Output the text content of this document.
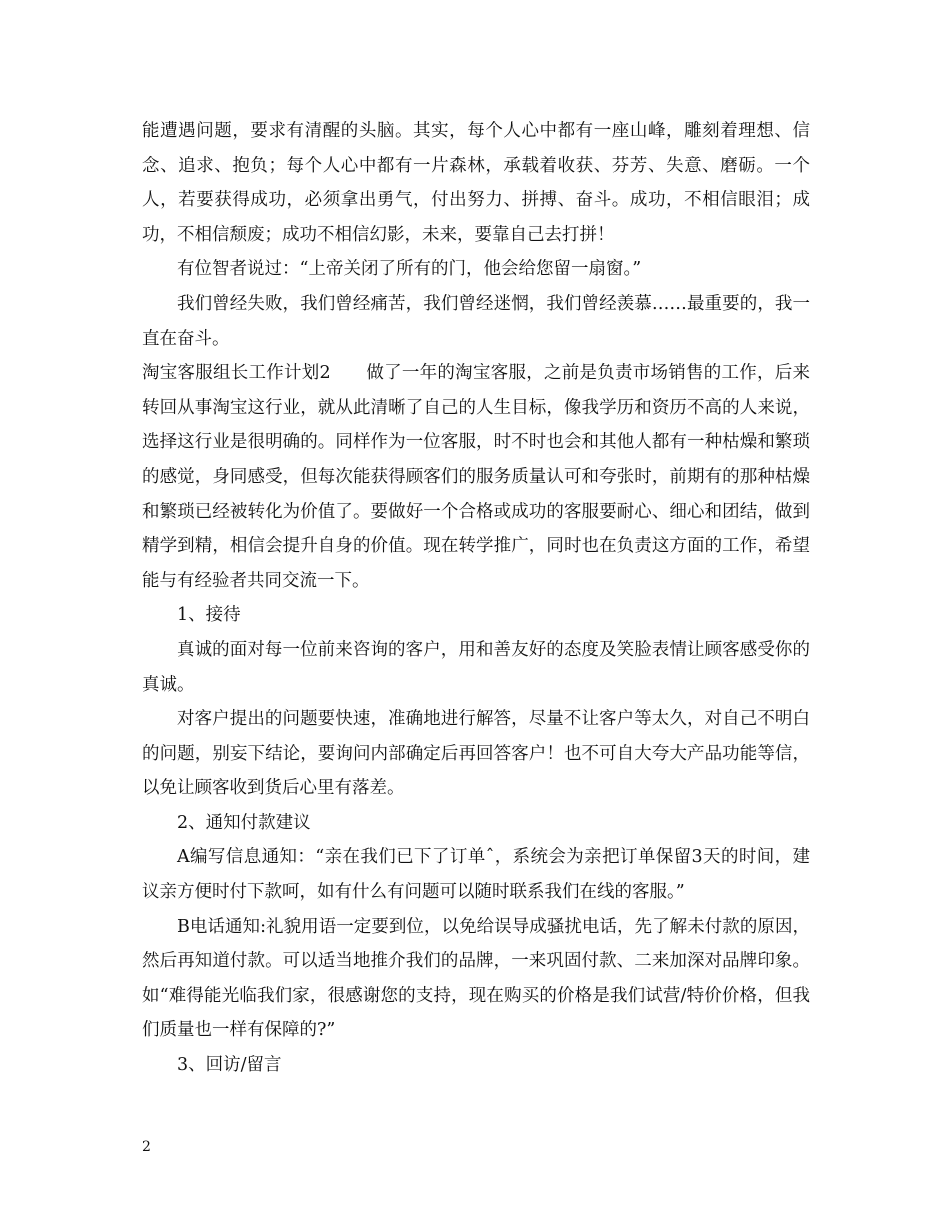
能遭遇问题，要求有清醒的头脑。其实，每个人心中都有一座山峰，雕刻着理想、信念、追求、抱负；每个人心中都有一片森林，承载着收获、芬芳、失意、磨砺。一个人，若要获得成功，必须拿出勇气，付出努力、拼搏、奋斗。成功，不相信眼泪；成功，不相信颓废；成功不相信幻影，未来，要靠自己去打拼！

有位智者说过：“上帝关闭了所有的门，他会给您留一扇窗。”

我们曾经失败，我们曾经痛苦，我们曾经迷惘，我们曾经羡慕……最重要的，我一直在奋斗。

淘宝客服组长工作计划2　　做了一年的淘宝客服，之前是负责市场销售的工作，后来转回从事淘宝这行业，就从此清晰了自己的人生目标，像我学历和资历不高的人来说，选择这行业是很明确的。同样作为一位客服，时不时也会和其他人都有一种枯燥和繁琐的感觉，身同感受，但每次能获得顾客们的服务质量认可和夸张时，前期有的那种枯燥和繁琐已经被转化为价值了。要做好一个合格或成功的客服要耐心、细心和团结，做到精学到精，相信会提升自身的价值。现在转学推广，同时也在负责这方面的工作，希望能与有经验者共同交流一下。

1、接待

真诚的面对每一位前来咨询的客户，用和善友好的态度及笑脸表情让顾客感受你的真诚。

对客户提出的问题要快速，准确地进行解答，尽量不让客户等太久，对自己不明白的问题，别妄下结论，要询问内部确定后再回答客户！也不可自大夸大产品功能等信，以免让顾客收到货后心里有落差。

2、通知付款建议

A编写信息通知：“亲在我们已下了订单ˆ，系统会为亲把订单保留3天的时间，建议亲方便时付下款呵，如有什么有问题可以随时联系我们在线的客服。”

B电话通知:礼貌用语一定要到位，以免给误导成骚扰电话，先了解未付款的原因，然后再知道付款。可以适当地推介我们的品牌，一来巩固付款、二来加深对品牌印象。如“难得能光临我们家，很感谢您的支持，现在购买的价格是我们试营/特价价格，但我们质量也一样有保障的?”

3、回访/留言

2
